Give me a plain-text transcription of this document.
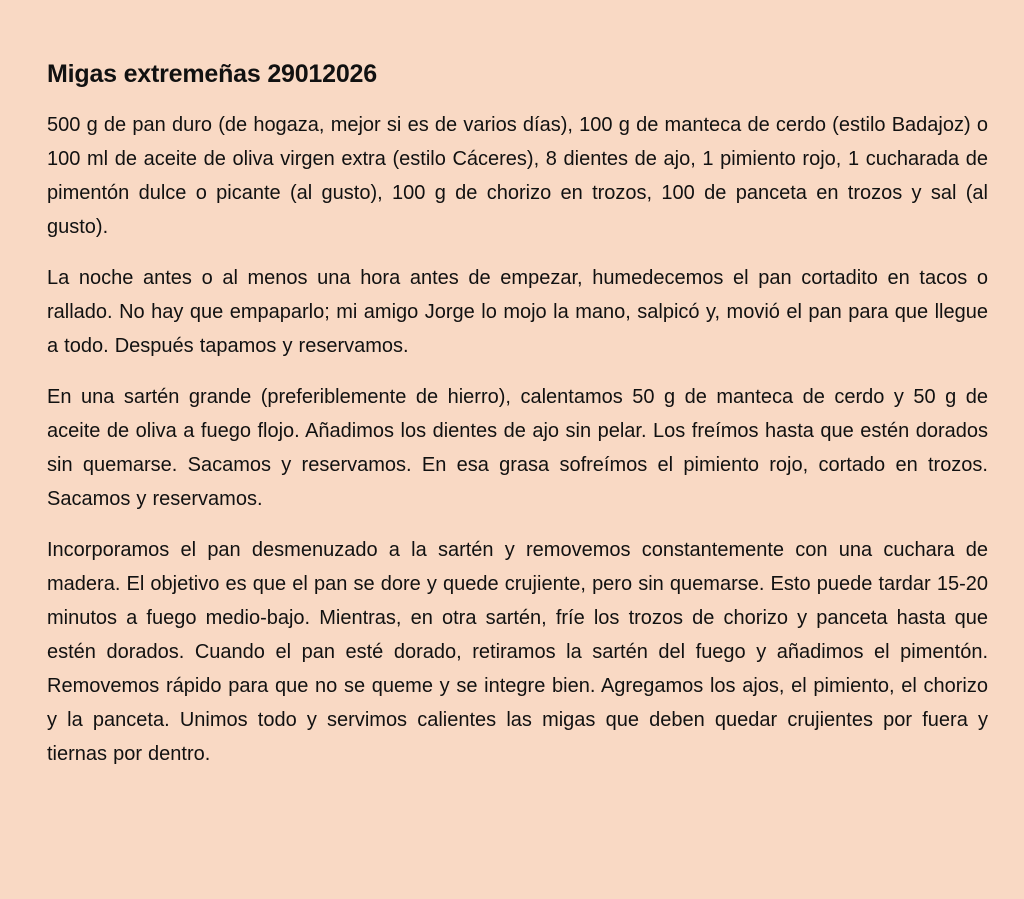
Migas extremeñas 29012026

500 g de pan duro (de hogaza, mejor si es de varios días), 100 g de manteca de cerdo (estilo Badajoz) o 100 ml de aceite de oliva virgen extra (estilo Cáceres), 8 dientes de ajo, 1 pimiento rojo, 1 cucharada de pimentón dulce o picante (al gusto), 100 g de chorizo en trozos, 100 de panceta en trozos y sal (al gusto).

La noche antes o al menos una hora antes de empezar, humedecemos el pan cortadito en tacos o rallado. No hay que empaparlo; mi amigo Jorge lo mojo la mano, salpicó y, movió el pan para que llegue a todo. Después tapamos y reservamos.

En una sartén grande (preferiblemente de hierro), calentamos 50 g de manteca de cerdo y 50 g de aceite de oliva a fuego flojo. Añadimos los dientes de ajo sin pelar. Los freímos hasta que estén dorados sin quemarse. Sacamos y reservamos. En esa grasa sofreímos el pimiento rojo, cortado en trozos. Sacamos y reservamos.

Incorporamos el pan desmenuzado a la sartén y removemos constantemente con una cuchara de madera. El objetivo es que el pan se dore y quede crujiente, pero sin quemarse. Esto puede tardar 15-20 minutos a fuego medio-bajo. Mientras, en otra sartén, fríe los trozos de chorizo y panceta hasta que estén dorados. Cuando el pan esté dorado, retiramos la sartén del fuego y añadimos el pimentón. Removemos rápido para que no se queme y se integre bien. Agregamos los ajos, el pimiento, el chorizo y la panceta. Unimos todo y servimos calientes las migas que deben quedar crujientes por fuera y tiernas por dentro.
